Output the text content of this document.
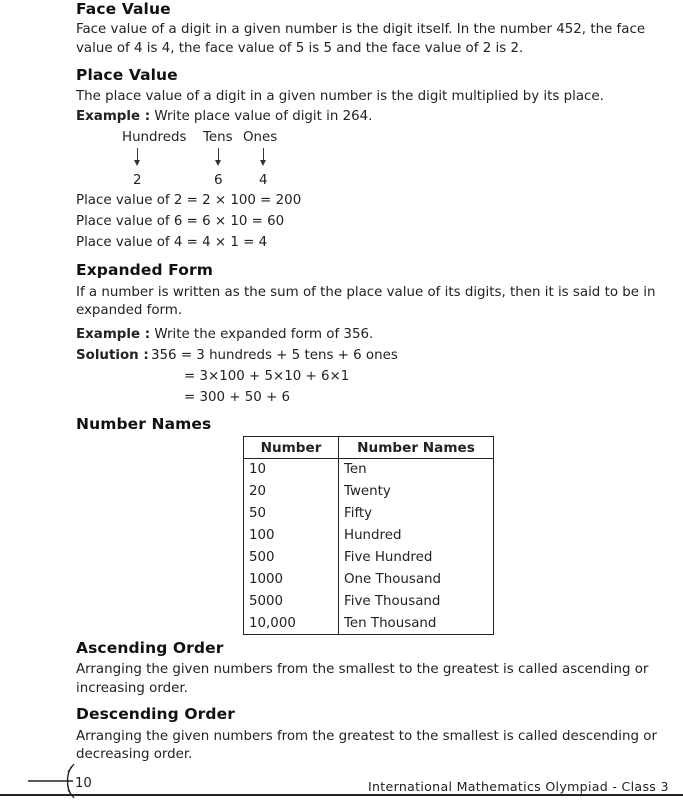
Face Value
Face value of a digit in a given number is the digit itself. In the number 452, the face
value of 4 is 4, the face value of 5 is 5 and the face value of 2 is 2.
Place Value
The place value of a digit in a given number is the digit multiplied by its place.
Example : Write place value of digit in 264.
Hundreds Tens Ones
2	6	4
Place value of 2 = 2 × 100 = 200
Place value of 6 = 6 × 10 = 60
Place value of 4 = 4 × 1 = 4
Expanded Form
If a number is written as the sum of the place value of its digits, then it is said to be in
expanded form.
Example : Write the expanded form of 356.
Solution : 356 = 3 hundreds + 5 tens + 6 ones
= 3×100 + 5×10 + 6×1
= 300 + 50 + 6
Number Names
Number	Number Names
10	Ten
20	Twenty
50	Fifty
100	Hundred
500	Five Hundred
1000	One Thousand
5000	Five Thousand
10,000	Ten Thousand
Ascending Order
Arranging the given numbers from the smallest to the greatest is called ascending or
increasing order.
Descending Order
Arranging the given numbers from the greatest to the smallest is called descending or
decreasing order.
10	International Mathematics Olympiad - Class 3
